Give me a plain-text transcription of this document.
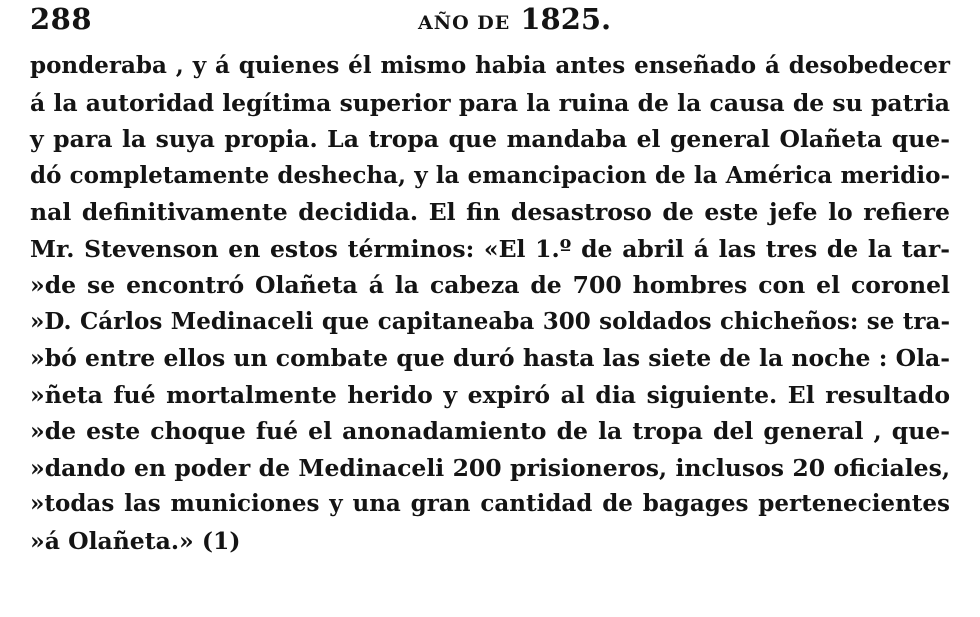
288	AÑO DE 1825.
ponderaba , y á quienes él mismo habia antes enseñado á desobedecer
á la autoridad legítima superior para la ruina de la causa de su patria
y para la suya propia. La tropa que mandaba el general Olañeta que-
dó completamente deshecha, y la emancipacion de la América meridio-
nal definitivamente decidida. El fin desastroso de este jefe lo refiere
Mr. Stevenson en estos términos: «El 1.º de abril á las tres de la tar-
»de se encontró Olañeta á la cabeza de 700 hombres con el coronel
»D. Cárlos Medinaceli que capitaneaba 300 soldados chicheños: se tra-
»bó entre ellos un combate que duró hasta las siete de la noche : Ola-
»ñeta fué mortalmente herido y expiró al dia siguiente. El resultado
»de este choque fué el anonadamiento de la tropa del general , que-
»dando en poder de Medinaceli 200 prisioneros, inclusos 20 oficiales,
»todas las municiones y una gran cantidad de bagages pertenecientes
»á Olañeta.» (1)
